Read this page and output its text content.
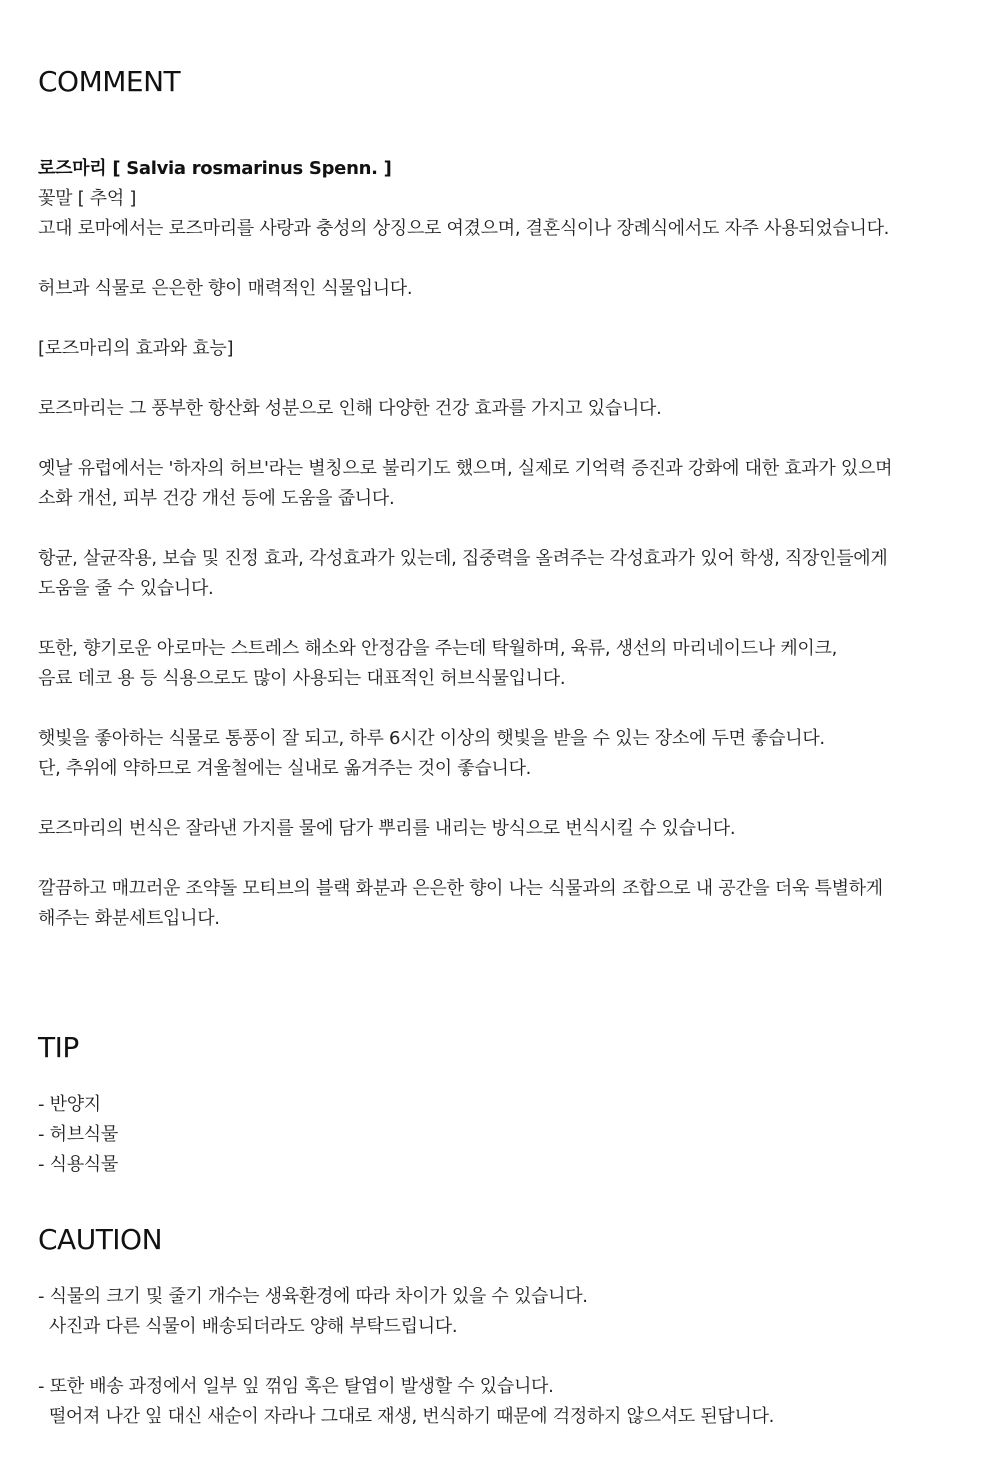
COMMENT
로즈마리 [ Salvia rosmarinus Spenn. ]
꽃말 [ 추억 ]
고대 로마에서는 로즈마리를 사랑과 충성의 상징으로 여겼으며, 결혼식이나 장례식에서도 자주 사용되었습니다.
허브과 식물로 은은한 향이 매력적인 식물입니다.
[로즈마리의 효과와 효능]
로즈마리는 그 풍부한 항산화 성분으로 인해 다양한 건강 효과를 가지고 있습니다.
옛날 유럽에서는 '하자의 허브'라는 별칭으로 불리기도 했으며, 실제로 기억력 증진과 강화에 대한 효과가 있으며
소화 개선, 피부 건강 개선 등에 도움을 줍니다.
항균, 살균작용, 보습 및 진정 효과, 각성효과가 있는데, 집중력을 올려주는 각성효과가 있어 학생, 직장인들에게
도움을 줄 수 있습니다.
또한, 향기로운 아로마는 스트레스 해소와 안정감을 주는데 탁월하며, 육류, 생선의 마리네이드나 케이크,
음료 데코 용 등 식용으로도 많이 사용되는 대표적인 허브식물입니다.
햇빛을 좋아하는 식물로 통풍이 잘 되고, 하루 6시간 이상의 햇빛을 받을 수 있는 장소에 두면 좋습니다.
단, 추위에 약하므로 겨울철에는 실내로 옮겨주는 것이 좋습니다.
로즈마리의 번식은 잘라낸 가지를 물에 담가 뿌리를 내리는 방식으로 번식시킬 수 있습니다.
깔끔하고 매끄러운 조약돌 모티브의 블랙 화분과 은은한 향이 나는 식물과의 조합으로 내 공간을 더욱 특별하게
해주는 화분세트입니다.
TIP
- 반양지
- 허브식물
- 식용식물
CAUTION
- 식물의 크기 및 줄기 개수는 생육환경에 따라 차이가 있을 수 있습니다.
사진과 다른 식물이 배송되더라도 양해 부탁드립니다.
- 또한 배송 과정에서 일부 잎 꺾임 혹은 탈엽이 발생할 수 있습니다.
떨어져 나간 잎 대신 새순이 자라나 그대로 재생, 번식하기 때문에 걱정하지 않으셔도 된답니다.
